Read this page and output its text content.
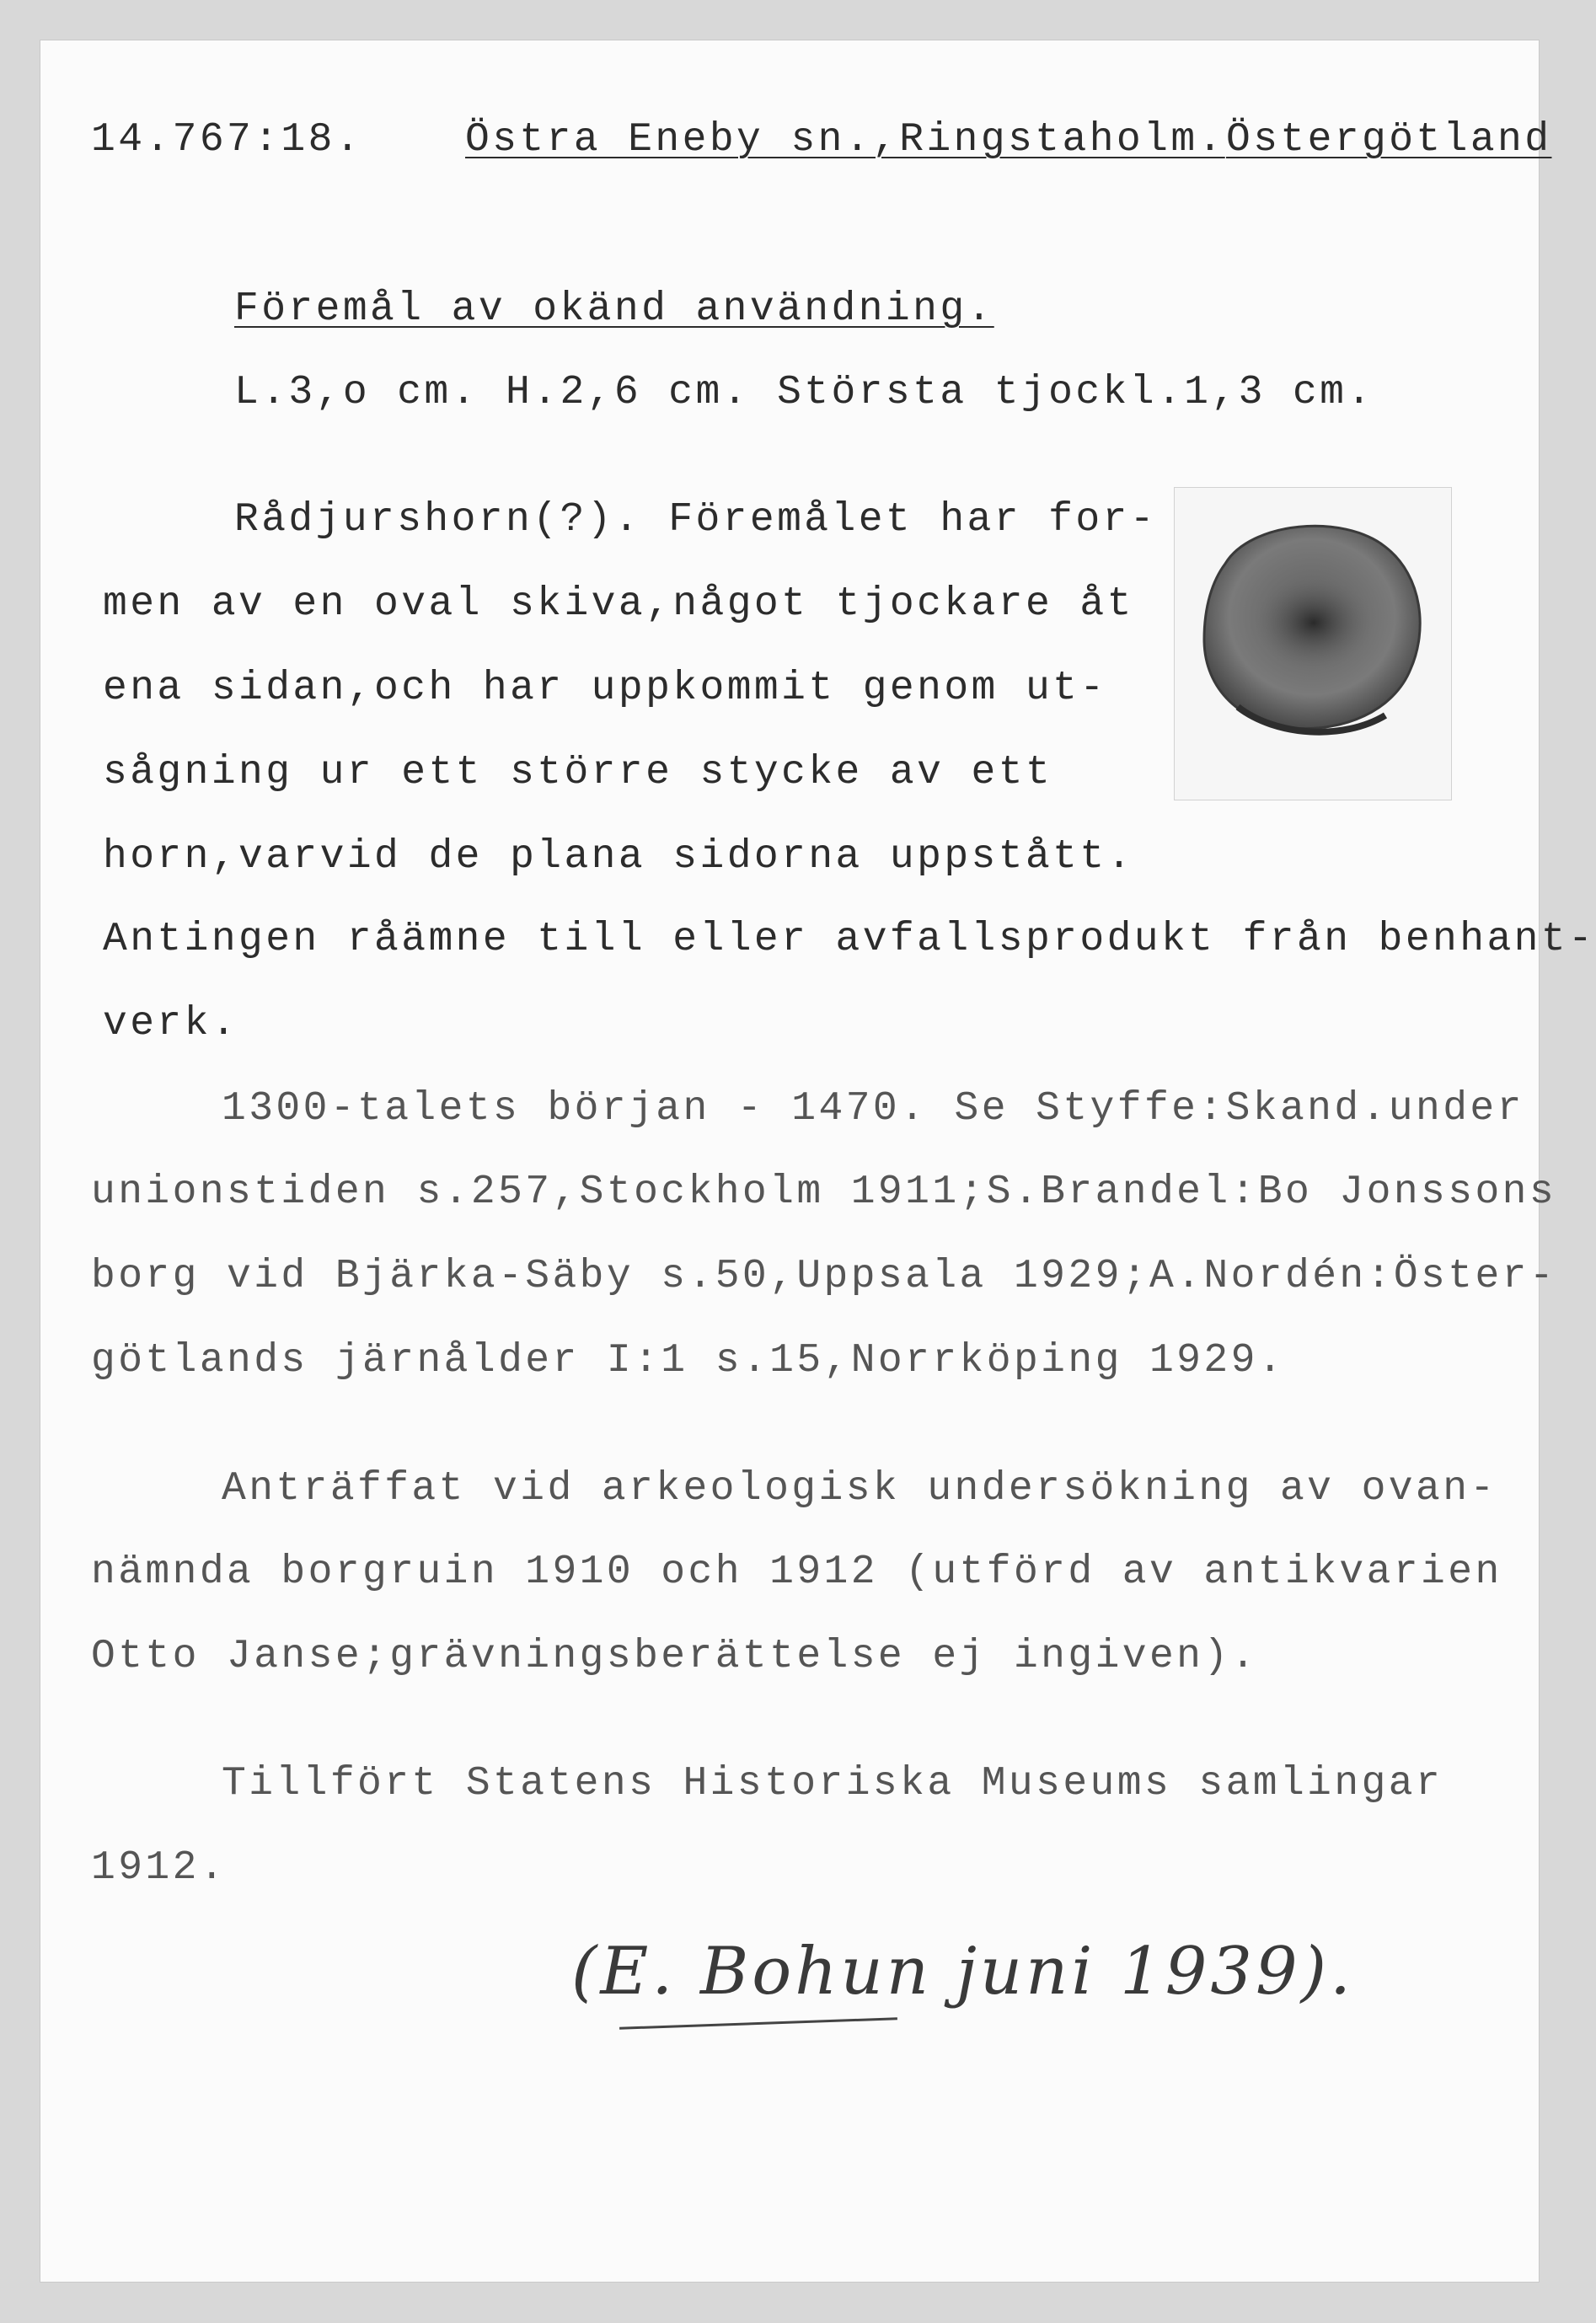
14.767:18.	Östra Eneby sn.,Ringstaholm. Östergötland
Föremål av okänd användning.
L.3,o cm. H.2,6 cm. Största tjockl.1,3 cm.
Rådjurshorn(?). Föremålet har for-
men av en oval skiva,något tjockare åt
ena sidan,och har uppkommit genom ut-
sågning ur ett större stycke av ett
horn,varvid de plana sidorna uppstått.
Antingen råämne till eller avfallsprodukt från benhant-
verk.
1300-talets början - 1470. Se Styffe:Skand.under
unionstiden s.257,Stockholm 1911;S.Brandel:Bo Jonssons
borg vid Bjärka-Säby s.50,Uppsala 1929;A.Nordén:Öster-
götlands järnålder I:1 s.15,Norrköping 1929.
Anträffat vid arkeologisk undersökning av ovan-
nämnda borgruin 1910 och 1912 (utförd av antikvarien
Otto Janse;grävningsberättelse ej ingiven).
Tillfört Statens Historiska Museums samlingar
1912.
(E. Bohun juni 1939).
